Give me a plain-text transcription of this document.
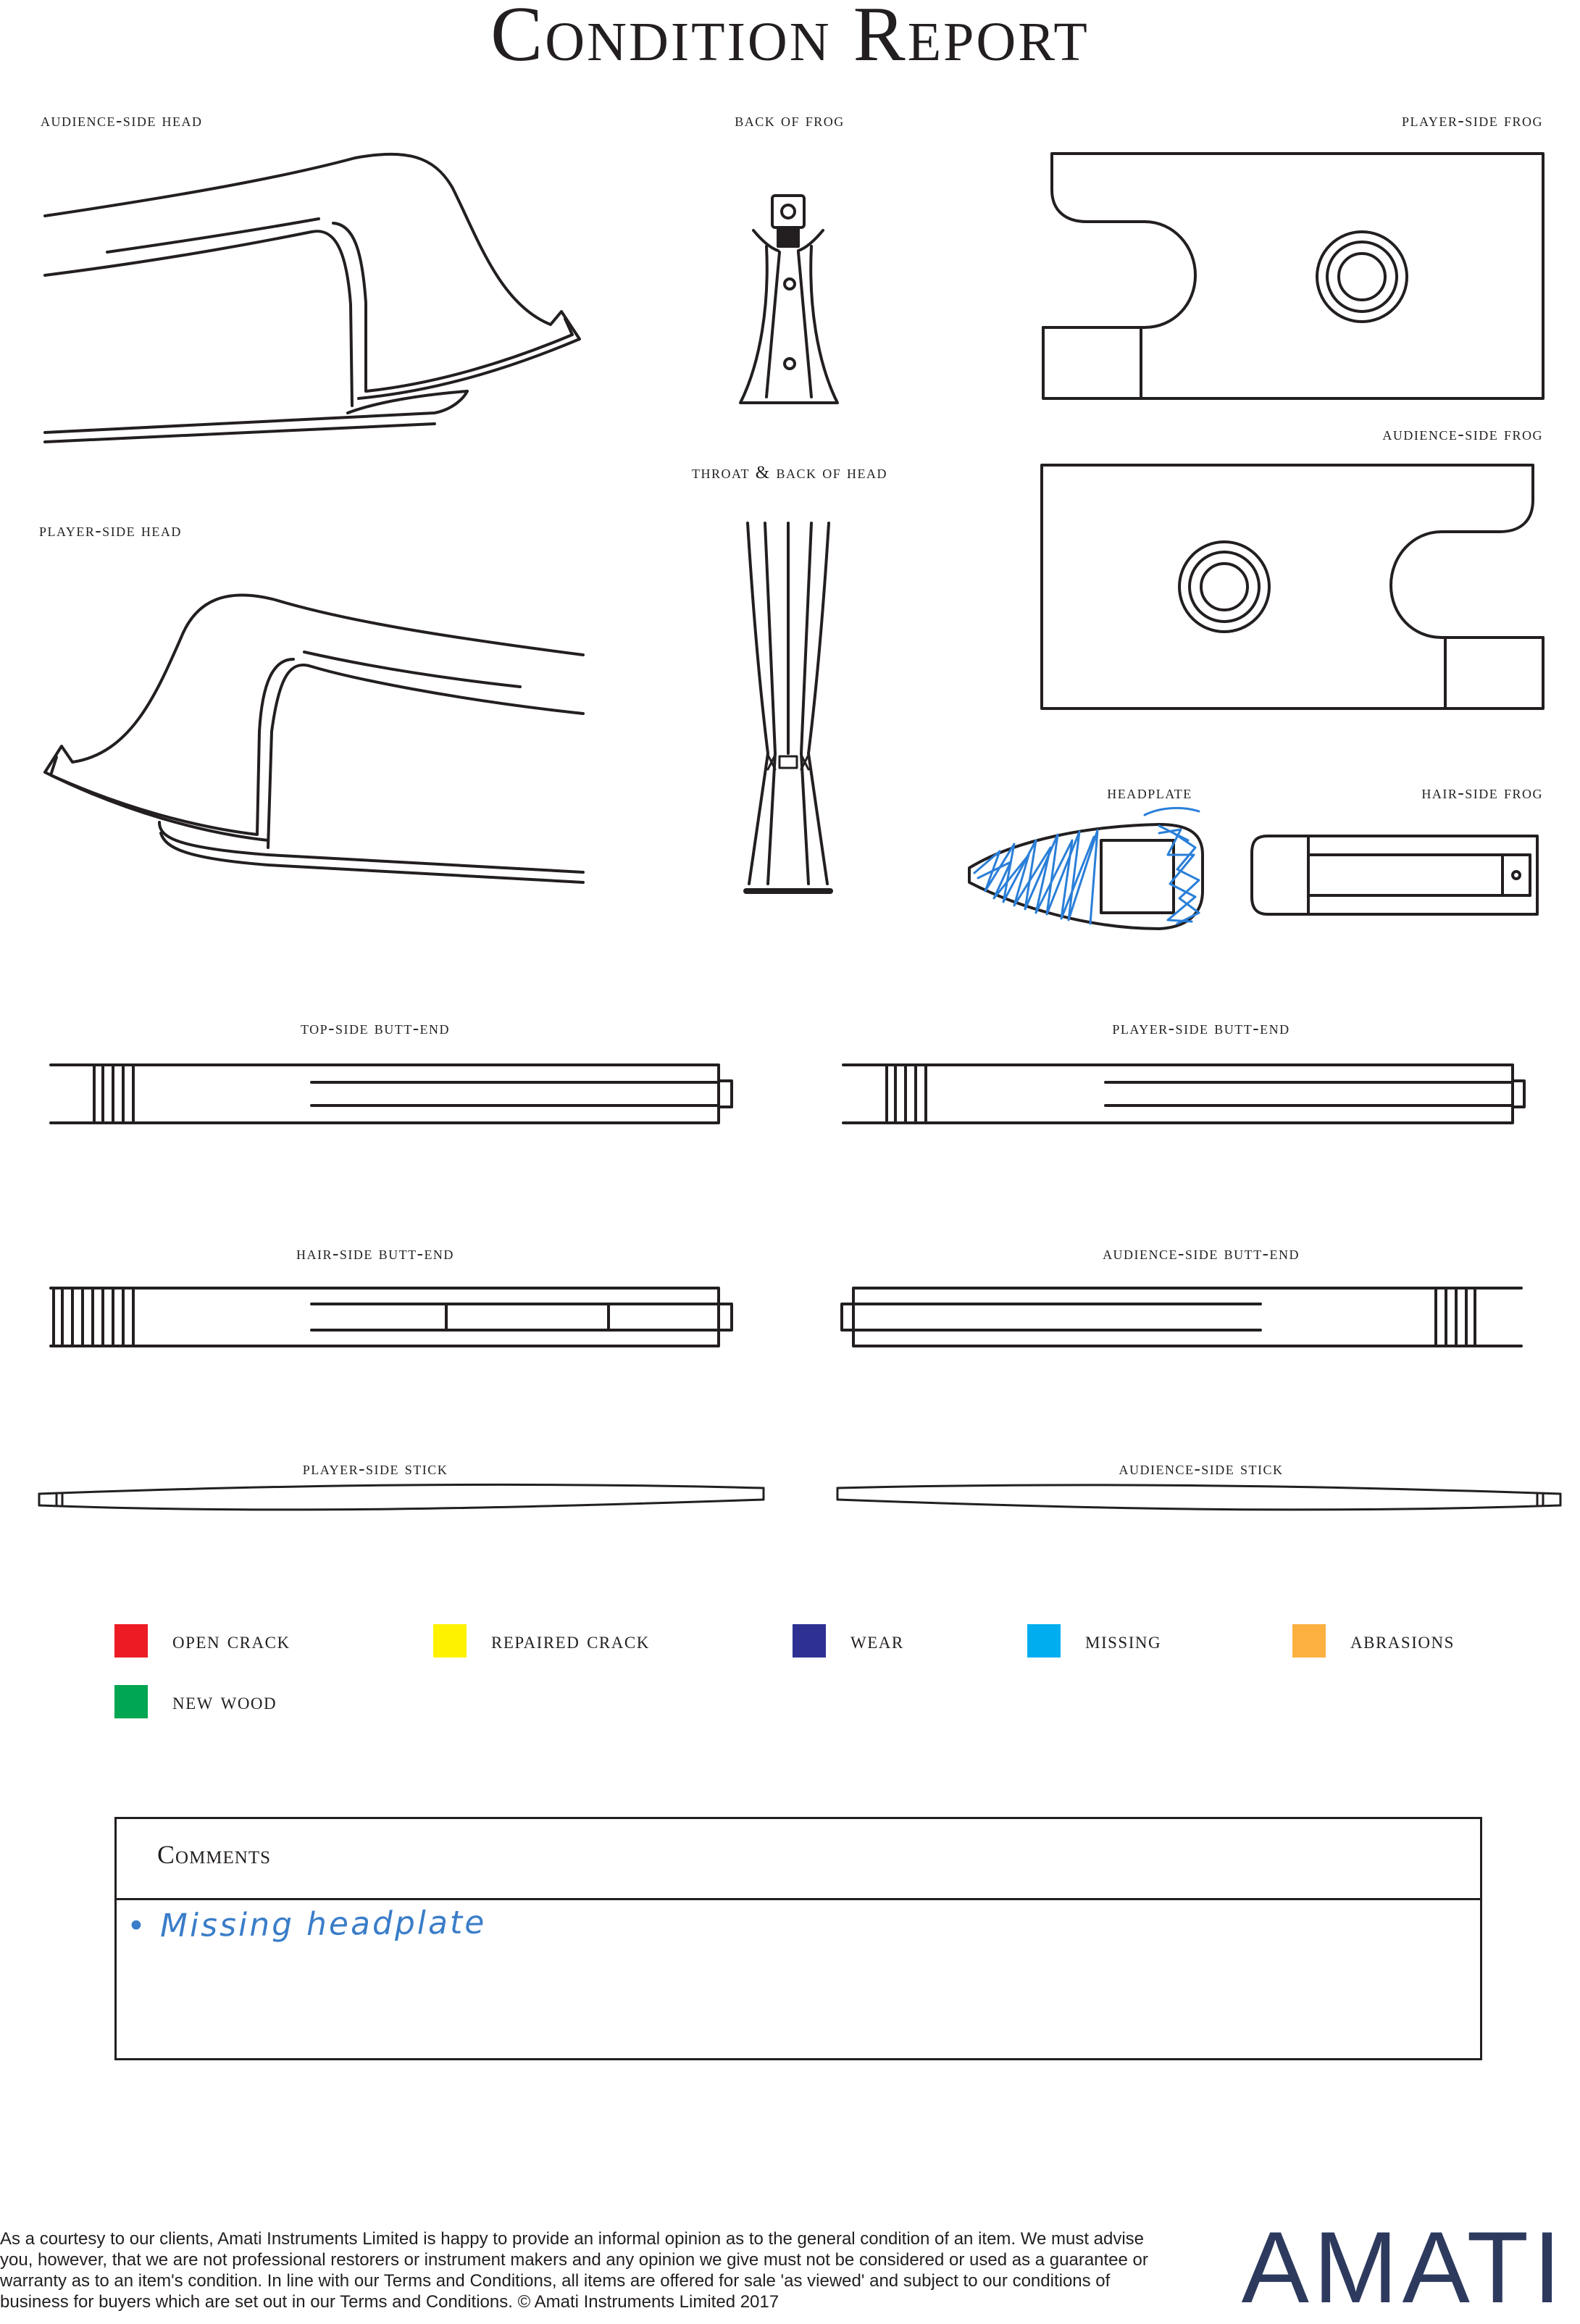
Condition Report
audience-side head	back of frog	player-side frog
audience-side frog
throat & back of head
player-side head
headplate	hair-side frog
top-side butt-end	player-side butt-end
hair-side butt-end	audience-side butt-end
player-side stick	audience-side stick
open crack	repaired crack	wear	missing	abrasions
new wood
Comments
• Missing headplate
As a courtesy to our clients, Amati Instruments Limited is happy to provide an informal opinion as to the general condition of an item. We must advise you, however, that we are not professional restorers or instrument makers and any opinion we give must not be considered or used as a guarantee or warranty as to an item's condition. In line with our Terms and Conditions, all items are offered for sale 'as viewed' and subject to our conditions of business for buyers which are set out in our Terms and Conditions. © Amati Instruments Limited 2017	AMATI
